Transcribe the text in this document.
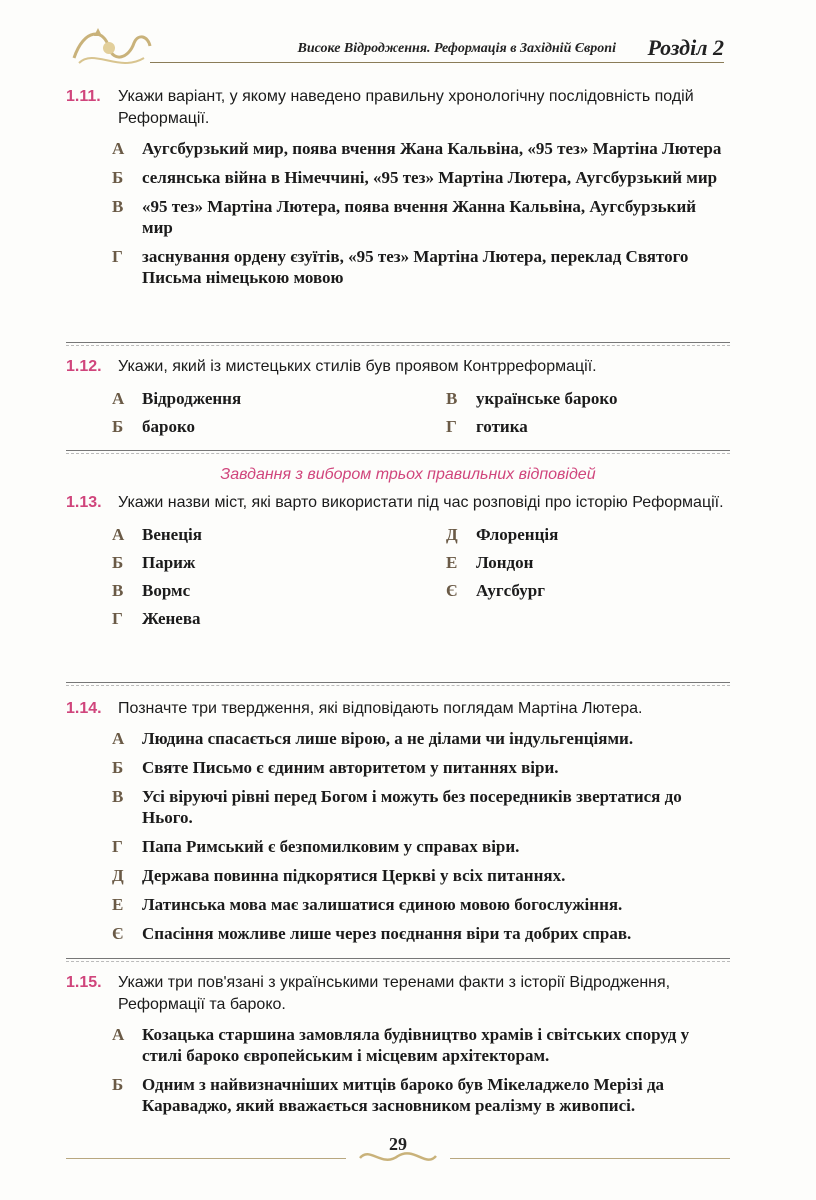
Високе Відродження. Реформація в Західній Європі Розділ 2
1.11.	Укажи варіант, у якому наведено правильну хронологічну послідовність подій Реформації.
А	Аугсбурзький мир, поява вчення Жана Кальвіна, «95 тез» Мартіна Лютера
Б	селянська війна в Німеччині, «95 тез» Мартіна Лютера, Аугсбурзький мир
В	«95 тез» Мартіна Лютера, поява вчення Жанна Кальвіна, Аугсбурзький мир
Г	заснування ордену єзуїтів, «95 тез» Мартіна Лютера, переклад Святого Письма німецькою мовою
1.12.	Укажи, який із мистецьких стилів був проявом Контрреформації.
А	Відродження	В	українське бароко
Б	бароко	Г	готика
Завдання з вибором трьох правильних відповідей
1.13.	Укажи назви міст, які варто використати під час розповіді про історію Реформації.
А	Венеція	Д	Флоренція
Б	Париж	Е	Лондон
В	Вормс	Є	Аугсбург
Г	Женева
1.14.	Позначте три твердження, які відповідають поглядам Мартіна Лютера.
А	Людина спасається лише вірою, а не ділами чи індульгенціями.
Б	Святе Письмо є єдиним авторитетом у питаннях віри.
В	Усі віруючі рівні перед Богом і можуть без посередників звертатися до Нього.
Г	Папа Римський є безпомилковим у справах віри.
Д	Держава повинна підкорятися Церкві у всіх питаннях.
Е	Латинська мова має залишатися єдиною мовою богослужіння.
Є	Спасіння можливе лише через поєднання віри та добрих справ.
1.15.	Укажи три пов'язані з українськими теренами факти з історії Відродження, Реформації та бароко.
А	Козацька старшина замовляла будівництво храмів і світських споруд у стилі бароко європейським і місцевим архітекторам.
Б	Одним з найвизначніших митців бароко був Мікеладжело Мерізі да Караваджо, який вважається засновником реалізму в живописі.
29
